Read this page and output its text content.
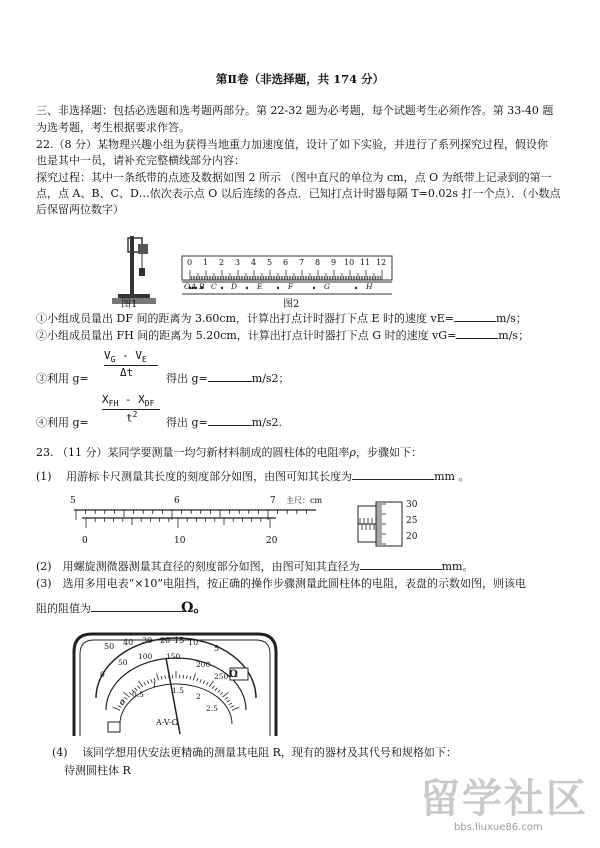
第Ⅱ卷（非选择题，共 174 分）
三、非选择题：包括必选题和选考题两部分。第 22-32 题为必考题，每个试题考生必须作答。第 33-40 题
为选考题，考生根据要求作答。
22.（8 分）某物理兴趣小组为获得当地重力加速度值，设计了如下实验，并进行了系列探究过程，假设你
也是其中一员，请补充完整横线部分内容：
探究过程：其中一条纸带的点迹及数据如图 2 所示 （图中直尺的单位为 cm，点 O 为纸带上记录到的第一
点，点 A、B、C、D…依次表示点 O 以后连续的各点．已知打点计时器每隔 T=0.02s 打一个点）．（小数点
后保留两位数字）
图1
0 1 2 3 4 5 6 7 8 9 10 11 12
O A B C D	E	F	G	H
图2
①小组成员量出 DF 间的距离为 3.60cm，计算出打点计时器打下点 E 时的速度 vE=	m/s；
②小组成员量出 FH 间的距离为 5.20cm，计算出打点计时器打下点 G 时的速度 vG=	m/s；
$V_G - V_E$
Δt
③利用 g=	得出 g=	m/s2；
$X_{FH} - X_{DF}$
$t^2$
④利用 g=	得出 g=	m/s2.
23. （11 分）某同学要测量一均匀新材料制成的圆柱体的电阻率ρ，步骤如下：
(1)　 用游标卡尺测量其长度的刻度部分如图，由图可知其长度为	mm 。
5	6	7 主尺：cm
0	10	20
30
25
20
(2)　用螺旋测微器测量其直径的刻度部分如图，由图可知其直径为	mm。
(3)　选用多用电表“×10”电阻挡，按正确的操作步骤测量此圆柱体的电阻，表盘的示数如图，则该电
阻的阻值为	Ω。
50 40 30 20 15 10
5
0
50
100 150
200
250
0
0.5
1
1.5
2
2.5
Ω
A-V-Ω
(4)　 该同学想用伏安法更精确的测量其电阻 R，现有的器材及其代号和规格如下：
待测圆柱体 R
留学社区
bbs.liuxue86.com
